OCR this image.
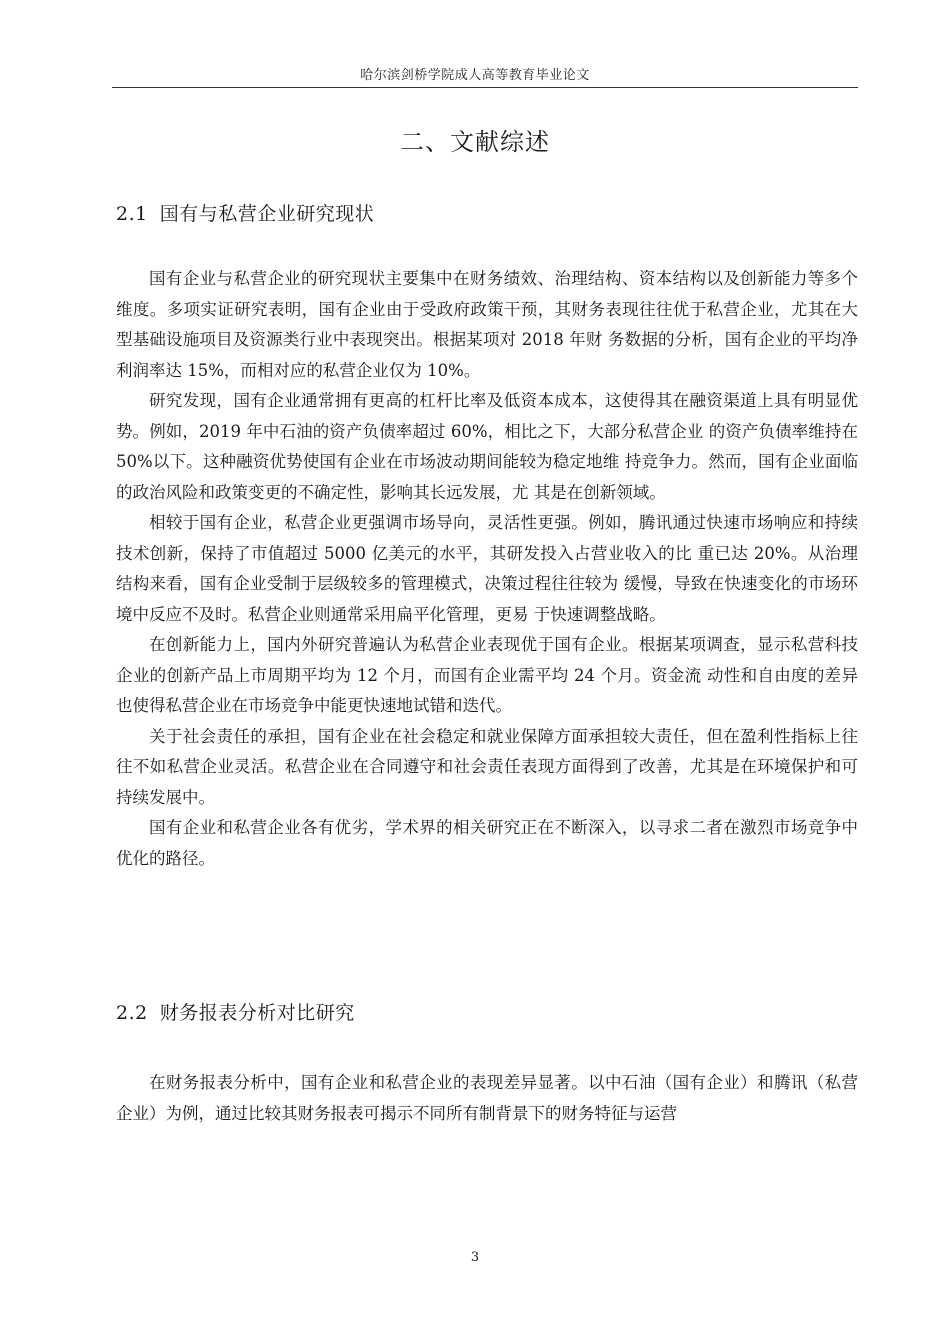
哈尔滨剑桥学院成人高等教育毕业论文
二、文献综述
2.1 国有与私营企业研究现状

国有企业与私营企业的研究现状主要集中在财务绩效、治理结构、资本结构以及创新能力等多个维度。多项实证研究表明，国有企业由于受政府政策干预，其财务表现往往优于私营企业，尤其在大型基础设施项目及资源类行业中表现突出。根据某项对 2018 年财 务数据的分析，国有企业的平均净利润率达 15%，而相对应的私营企业仅为 10%。

研究发现，国有企业通常拥有更高的杠杆比率及低资本成本，这使得其在融资渠道上具有明显优势。例如，2019 年中石油的资产负债率超过 60%，相比之下，大部分私营企业 的资产负债率维持在 50%以下。这种融资优势使国有企业在市场波动期间能较为稳定地维 持竞争力。然而，国有企业面临的政治风险和政策变更的不确定性，影响其长远发展，尤 其是在创新领域。

相较于国有企业，私营企业更强调市场导向，灵活性更强。例如，腾讯通过快速市场响应和持续技术创新，保持了市值超过 5000 亿美元的水平，其研发投入占营业收入的比 重已达 20%。从治理结构来看，国有企业受制于层级较多的管理模式，决策过程往往较为 缓慢，导致在快速变化的市场环境中反应不及时。私营企业则通常采用扁平化管理，更易 于快速调整战略。

在创新能力上，国内外研究普遍认为私营企业表现优于国有企业。根据某项调查，显示私营科技企业的创新产品上市周期平均为 12 个月，而国有企业需平均 24 个月。资金流 动性和自由度的差异也使得私营企业在市场竞争中能更快速地试错和迭代。

关于社会责任的承担，国有企业在社会稳定和就业保障方面承担较大责任，但在盈利性指标上往往不如私营企业灵活。私营企业在合同遵守和社会责任表现方面得到了改善，尤其是在环境保护和可持续发展中。

国有企业和私营企业各有优劣，学术界的相关研究正在不断深入，以寻求二者在激烈市场竞争中优化的路径。

2.2 财务报表分析对比研究

在财务报表分析中，国有企业和私营企业的表现差异显著。以中石油（国有企业）和腾讯（私营企业）为例，通过比较其财务报表可揭示不同所有制背景下的财务特征与运营

3
